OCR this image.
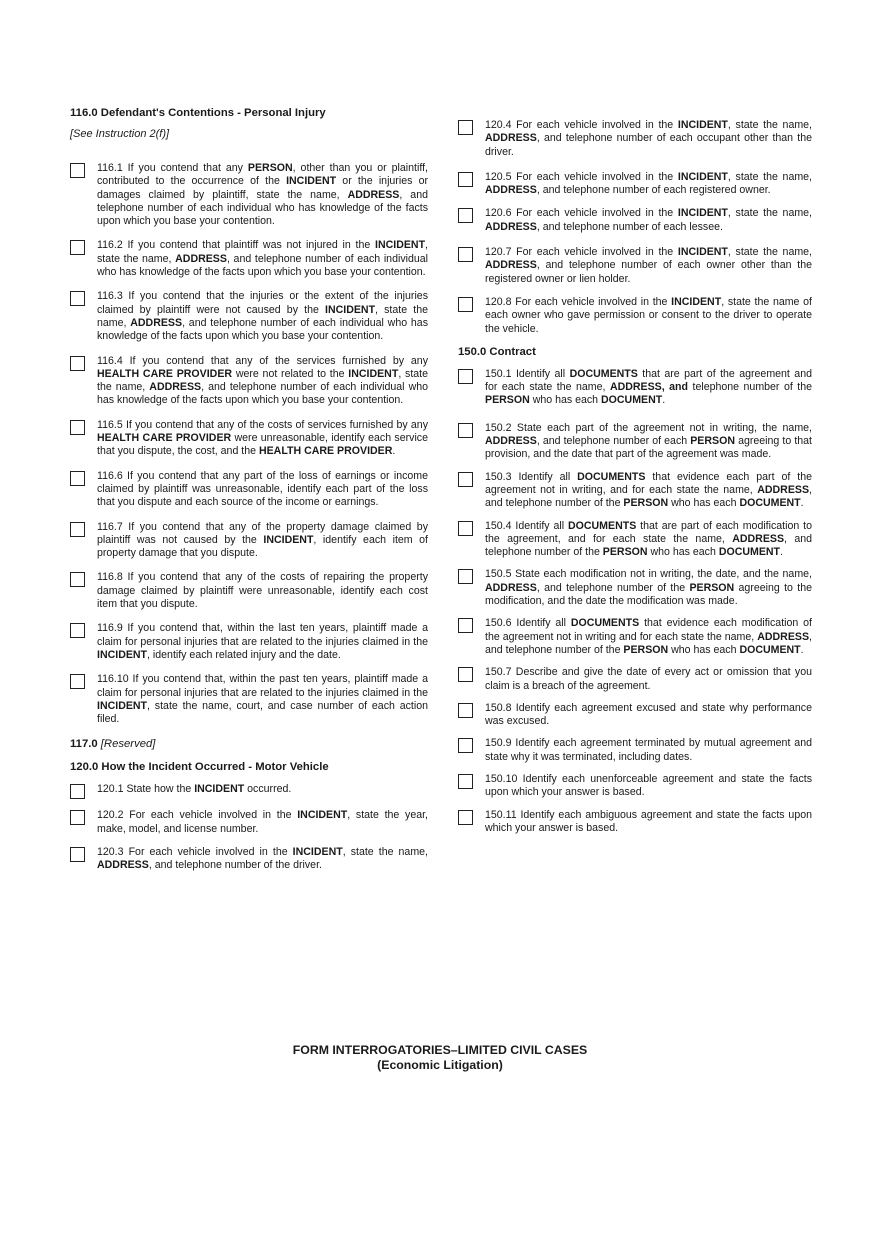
116.0 Defendant's Contentions - Personal Injury
[See Instruction 2(f)]
116.1 If you contend that any PERSON, other than you or plaintiff, contributed to the occurrence of the INCIDENT or the injuries or damages claimed by plaintiff, state the name, ADDRESS, and telephone number of each individual who has knowledge of the facts upon which you base your contention.
116.2 If you contend that plaintiff was not injured in the INCIDENT, state the name, ADDRESS, and telephone number of each individual who has knowledge of the facts upon which you base your contention.
116.3 If you contend that the injuries or the extent of the injuries claimed by plaintiff were not caused by the INCIDENT, state the name, ADDRESS, and telephone number of each individual who has knowledge of the facts upon which you base your contention.
116.4 If you contend that any of the services furnished by any HEALTH CARE PROVIDER were not related to the INCIDENT, state the name, ADDRESS, and telephone number of each individual who has knowledge of the facts upon which you base your contention.
116.5 If you contend that any of the costs of services furnished by any HEALTH CARE PROVIDER were unreasonable, identify each service that you dispute, the cost, and the HEALTH CARE PROVIDER.
116.6 If you contend that any part of the loss of earnings or income claimed by plaintiff was unreasonable, identify each part of the loss that you dispute and each source of the income or earnings.
116.7 If you contend that any of the property damage claimed by plaintiff was not caused by the INCIDENT, identify each item of property damage that you dispute.
116.8 If you contend that any of the costs of repairing the property damage claimed by plaintiff were unreasonable, identify each cost item that you dispute.
116.9 If you contend that, within the last ten years, plaintiff made a claim for personal injuries that are related to the injuries claimed in the INCIDENT, identify each related injury and the date.
116.10 If you contend that, within the past ten years, plaintiff made a claim for personal injuries that are related to the injuries claimed in the INCIDENT, state the name, court, and case number of each action filed.
117.0 [Reserved]
120.0 How the Incident Occurred - Motor Vehicle
120.1 State how the INCIDENT occurred.
120.2 For each vehicle involved in the INCIDENT, state the year, make, model, and license number.
120.3 For each vehicle involved in the INCIDENT, state the name, ADDRESS, and telephone number of the driver.
120.4 For each vehicle involved in the INCIDENT, state the name, ADDRESS, and telephone number of each occupant other than the driver.
120.5 For each vehicle involved in the INCIDENT, state the name, ADDRESS, and telephone number of each registered owner.
120.6 For each vehicle involved in the INCIDENT, state the name, ADDRESS, and telephone number of each lessee.
120.7 For each vehicle involved in the INCIDENT, state the name, ADDRESS, and telephone number of each owner other than the registered owner or lien holder.
120.8 For each vehicle involved in the INCIDENT, state the name of each owner who gave permission or consent to the driver to operate the vehicle.
150.0 Contract
150.1 Identify all DOCUMENTS that are part of the agreement and for each state the name, ADDRESS, and telephone number of the PERSON who has each DOCUMENT.
150.2 State each part of the agreement not in writing, the name, ADDRESS, and telephone number of each PERSON agreeing to that provision, and the date that part of the agreement was made.
150.3 Identify all DOCUMENTS that evidence each part of the agreement not in writing, and for each state the name, ADDRESS, and telephone number of the PERSON who has each DOCUMENT.
150.4 Identify all DOCUMENTS that are part of each modification to the agreement, and for each state the name, ADDRESS, and telephone number of the PERSON who has each DOCUMENT.
150.5 State each modification not in writing, the date, and the name, ADDRESS, and telephone number of the PERSON agreeing to the modification, and the date the modification was made.
150.6 Identify all DOCUMENTS that evidence each modification of the agreement not in writing and for each state the name, ADDRESS, and telephone number of the PERSON who has each DOCUMENT.
150.7 Describe and give the date of every act or omission that you claim is a breach of the agreement.
150.8 Identify each agreement excused and state why performance was excused.
150.9 Identify each agreement terminated by mutual agreement and state why it was terminated, including dates.
150.10 Identify each unenforceable agreement and state the facts upon which your answer is based.
150.11 Identify each ambiguous agreement and state the facts upon which your answer is based.
FORM INTERROGATORIES–LIMITED CIVIL CASES
(Economic Litigation)
